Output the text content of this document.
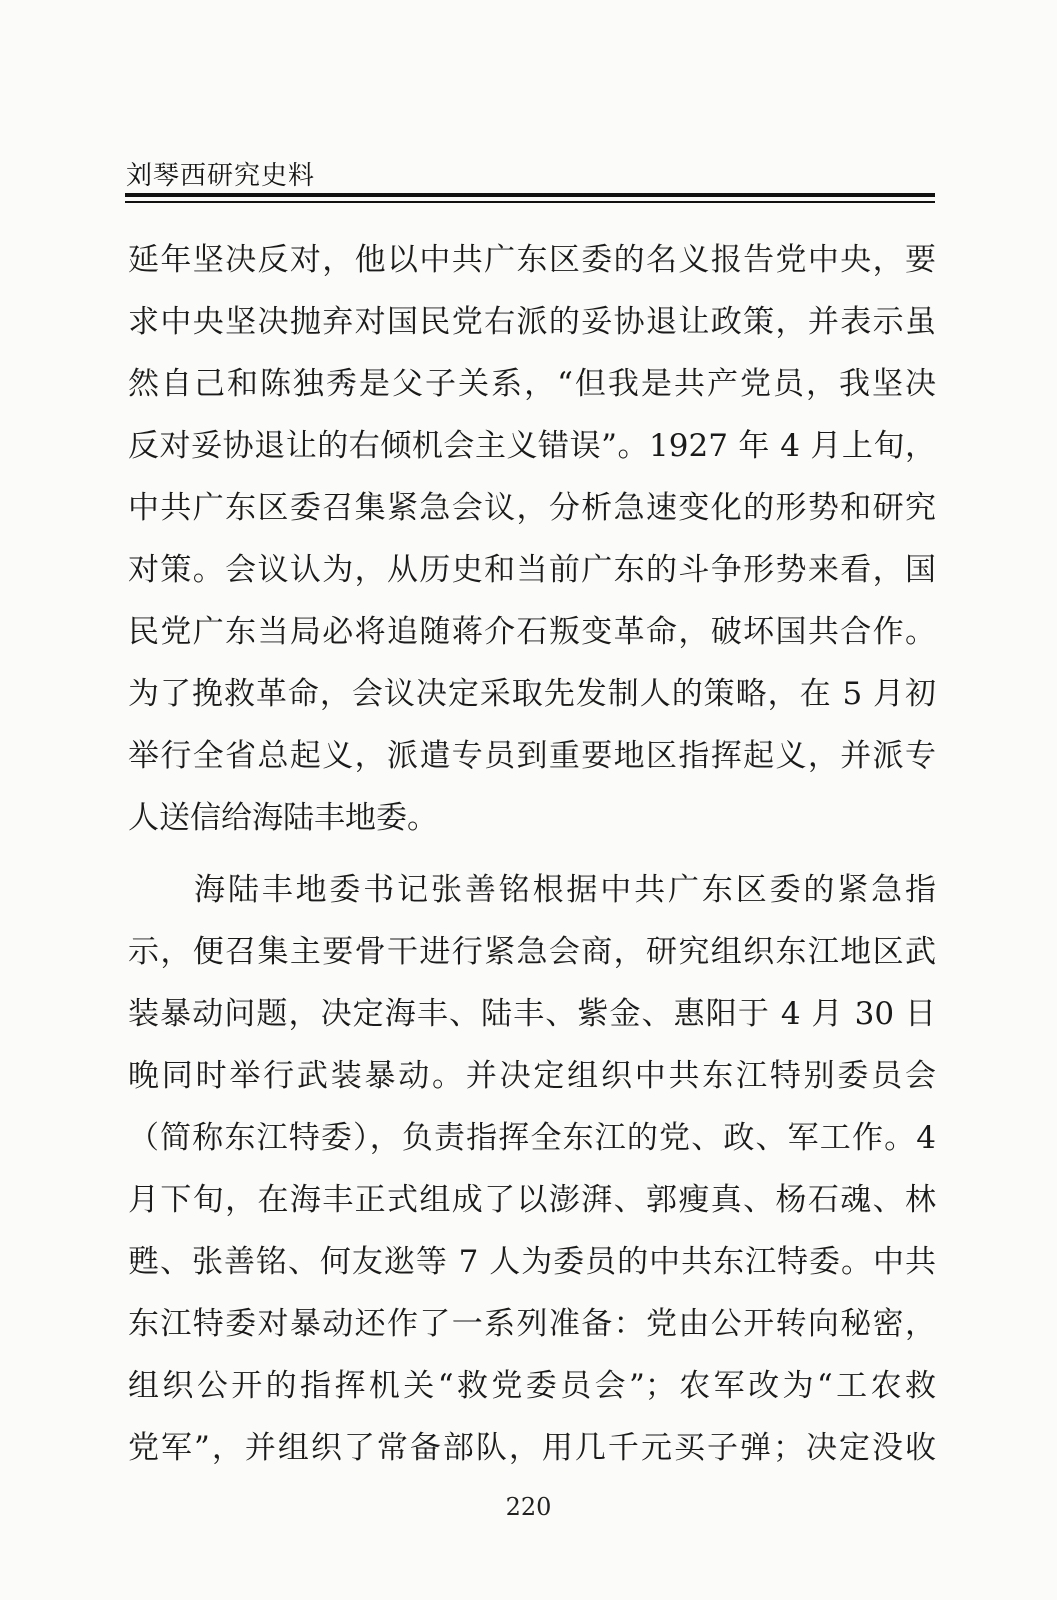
刘琴西研究史料
延年坚决反对，他以中共广东区委的名义报告党中央，要
求中央坚决抛弃对国民党右派的妥协退让政策，并表示虽
然自己和陈独秀是父子关系，“但我是共产党员，我坚决
反对妥协退让的右倾机会主义错误”。1927 年 4 月上旬，
中共广东区委召集紧急会议，分析急速变化的形势和研究
对策。会议认为，从历史和当前广东的斗争形势来看，国
民党广东当局必将追随蒋介石叛变革命，破坏国共合作。
为了挽救革命，会议决定采取先发制人的策略，在 5 月初
举行全省总起义，派遣专员到重要地区指挥起义，并派专
人送信给海陆丰地委。
海陆丰地委书记张善铭根据中共广东区委的紧急指
示，便召集主要骨干进行紧急会商，研究组织东江地区武
装暴动问题，决定海丰、陆丰、紫金、惠阳于 4 月 30 日
晚同时举行武装暴动。并决定组织中共东江特别委员会
（简称东江特委），负责指挥全东江的党、政、军工作。4
月下旬，在海丰正式组成了以澎湃、郭瘦真、杨石魂、林
甦、张善铭、何友逖等 7 人为委员的中共东江特委。中共
东江特委对暴动还作了一系列准备：党由公开转向秘密，
组织公开的指挥机关“救党委员会”；农军改为“工农救
党军”，并组织了常备部队，用几千元买子弹；决定没收
220
